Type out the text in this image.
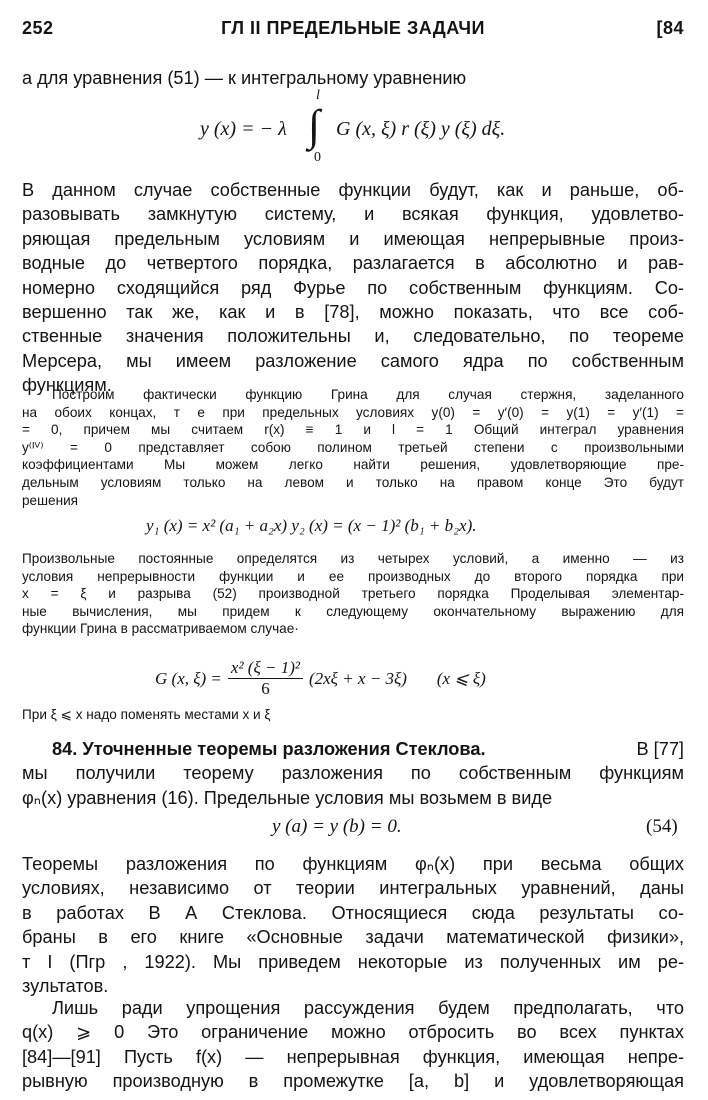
252	ГЛ II ПРЕДЕЛЬНЫЕ ЗАДАЧИ	[84
а для уравнения (51) — к интегральному уравнению
l
0
y (x) = − λ ∫ G (x, ξ) r (ξ) y (ξ) dξ.
В данном случае собственные функции будут, как и раньше, об-
разовывать замкнутую систему, и всякая функция, удовлетво-
ряющая предельным условиям и имеющая непрерывные произ-
водные до четвертого порядка, разлагается в абсолютно и рав-
номерно сходящийся ряд Фурье по собственным функциям. Со-
вершенно так же, как и в [78], можно показать, что все соб-
ственные значения положительны и, следовательно, по теореме
Мерсера, мы имеем разложение самого ядра по собственным
функциям.
Построим фактически функцию Грина для случая стержня, заделанного
на обоих концах, т е при предельных условиях y(0) = y′(0) = y(1) = y′(1) =
= 0, причем мы считаем r(x) ≡ 1 и l = 1 Общий интеграл уравнения
y⁽ᴵⱽ⁾ = 0 представляет собою полином третьей степени с произвольными
коэффициентами Мы можем легко найти решения, удовлетворяющие пре-
дельным условиям только на левом и только на правом конце Это будут
решения
y₁ (x) = x² (a₁ + a₂x) y₂ (x) = (x − 1)² (b₁ + b₂x).
Произвольные постоянные определятся из четырех условий, а именно — из
условия непрерывности функции и ее производных до второго порядка при
x = ξ и разрыва (52) производной третьего порядка Проделывая элементар-
ные вычисления, мы придем к следующему окончательному выражению для
функции Грина в рассматриваемом случае·
G (x, $\xi) = \frac{\text{x² (ξ − 1)²}}{6} (2x\xi + x - 3\xi)$ (x ⩽ ξ)
При ξ ⩽ x надо поменять местами x и ξ
84. Уточненные теоремы разложения Стеклова.	В [77]
мы получили теорему разложения по собственным функциям
φₙ(x) уравнения (16). Предельные условия мы возьмем в виде
y (a) = y (b) = 0.	(54)
Теоремы разложения по функциям φₙ(x) при весьма общих
условиях, независимо от теории интегральных уравнений, даны
в работах В А Стеклова. Относящиеся сюда результаты со-
браны в его книге «Основные задачи математической физики»,
т I (Пгр , 1922). Мы приведем некоторые из полученных им ре-
зультатов.
Лишь ради упрощения рассуждения будем предполагать, что
q(x) ⩾ 0 Это ограничение можно отбросить во всех пунктах
[84]—[91] Пусть f(x) — непрерывная функция, имеющая непре-
рывную производную в промежутке [a, b] и удовлетворяющая
